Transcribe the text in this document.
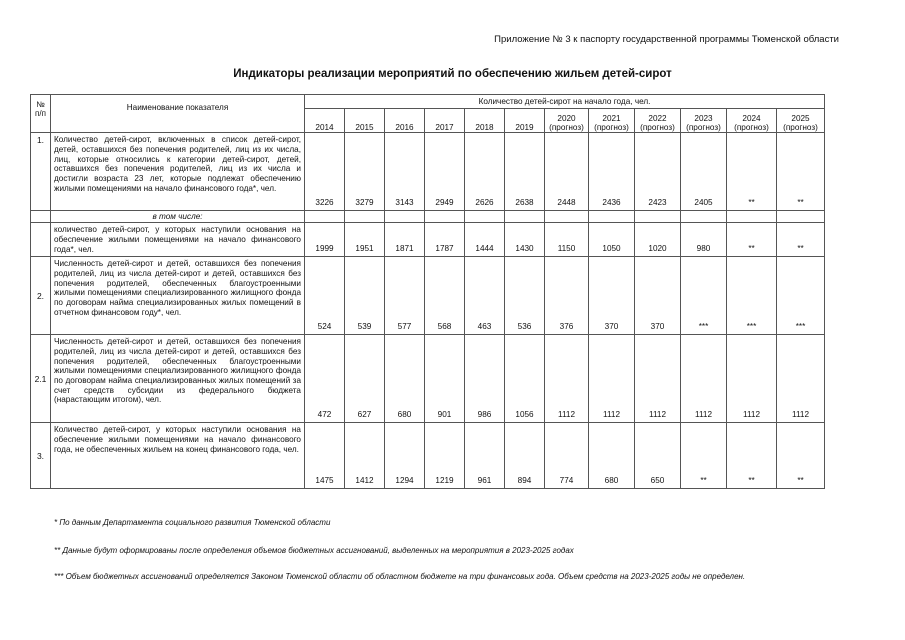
Приложение № 3 к паспорту государственной программы Тюменской области
Индикаторы реализации мероприятий по обеспечению жильем детей-сирот
№ п/п	Наименование показателя	Количество детей-сирот на начало года, чел.											
		2014	2015	2016	2017	2018	2019	2020 (прогноз)	2021 (прогноз)	2022 (прогноз)	2023 (прогноз)	2024 (прогноз)	2025 (прогноз)
1.	Количество детей-сирот, включенных в список детей-сирот, детей, оставшихся без попечения родителей, лиц из их числа, лиц, которые относились к категории детей-сирот, детей, оставшихся без попечения родителей, лиц из их числа и достигли возраста 23 лет, которые подлежат обеспечению жилыми помещениями на начало финансового года*, чел.	3226	3279	3143	2949	2626	2638	2448	2436	2423	2405	**	**
	в том числе:												
	количество детей-сирот, у которых наступили основания на обеспечение жилыми помещениями на начало финансового года*, чел.	1999	1951	1871	1787	1444	1430	1150	1050	1020	980	**	**
2.	Численность детей-сирот и детей, оставшихся без попечения родителей, лиц из числа детей-сирот и детей, оставшихся без попечения родителей, обеспеченных благоустроенными жилыми помещениями специализированного жилищного фонда по договорам найма специализированных жилых помещений в отчетном финансовом году*, чел.	524	539	577	568	463	536	376	370	370	***	***	***
2.1	Численность детей-сирот и детей, оставшихся без попечения родителей, лиц из числа детей-сирот и детей, оставшихся без попечения родителей, обеспеченных благоустроенными жилыми помещениями специализированного жилищного фонда по договорам найма специализированных жилых помещений за счет средств субсидии из федерального бюджета (нарастающим итогом), чел.	472	627	680	901	986	1056	1112	1112	1112	1112	1112	1112
3.	Количество детей-сирот, у которых наступили основания на обеспечение жилыми помещениями на начало финансового года, не обеспеченных жильем на конец финансового года, чел.	1475	1412	1294	1219	961	894	774	680	650	**	**	**
* По данным Департамента социального развития Тюменской области
** Данные будут оформированы после определения объемов бюджетных ассигнований, выделенных на мероприятия в 2023-2025 годах
*** Объем бюджетных ассигнований определяется Законом Тюменской области об областном бюджете на три финансовых года. Объем средств на 2023-2025 годы не определен.
